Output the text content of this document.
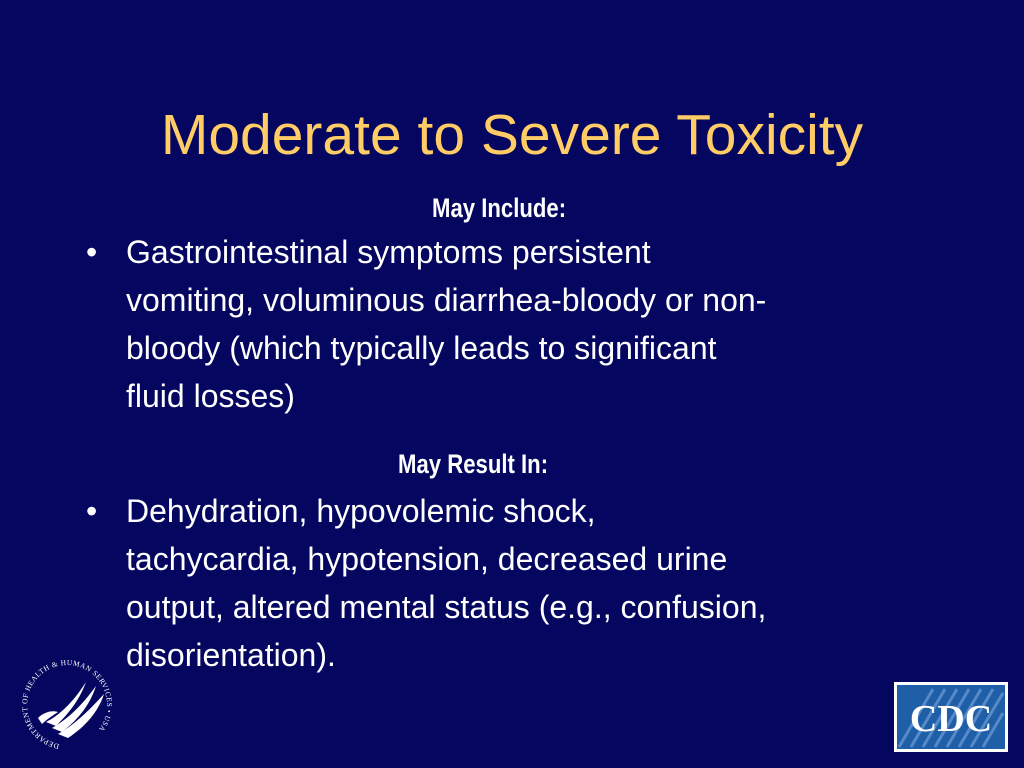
Moderate to Severe Toxicity
May Include:
• Gastrointestinal symptoms persistent
vomiting, voluminous diarrhea-bloody or non-
bloody (which typically leads to significant
fluid losses)
May Result In:
• Dehydration, hypovolemic shock,
tachycardia, hypotension, decreased urine
output, altered mental status (e.g., confusion,
disorientation).
DEPARTMENT OF HEALTH & HUMAN SERVICES • USA	CDC
